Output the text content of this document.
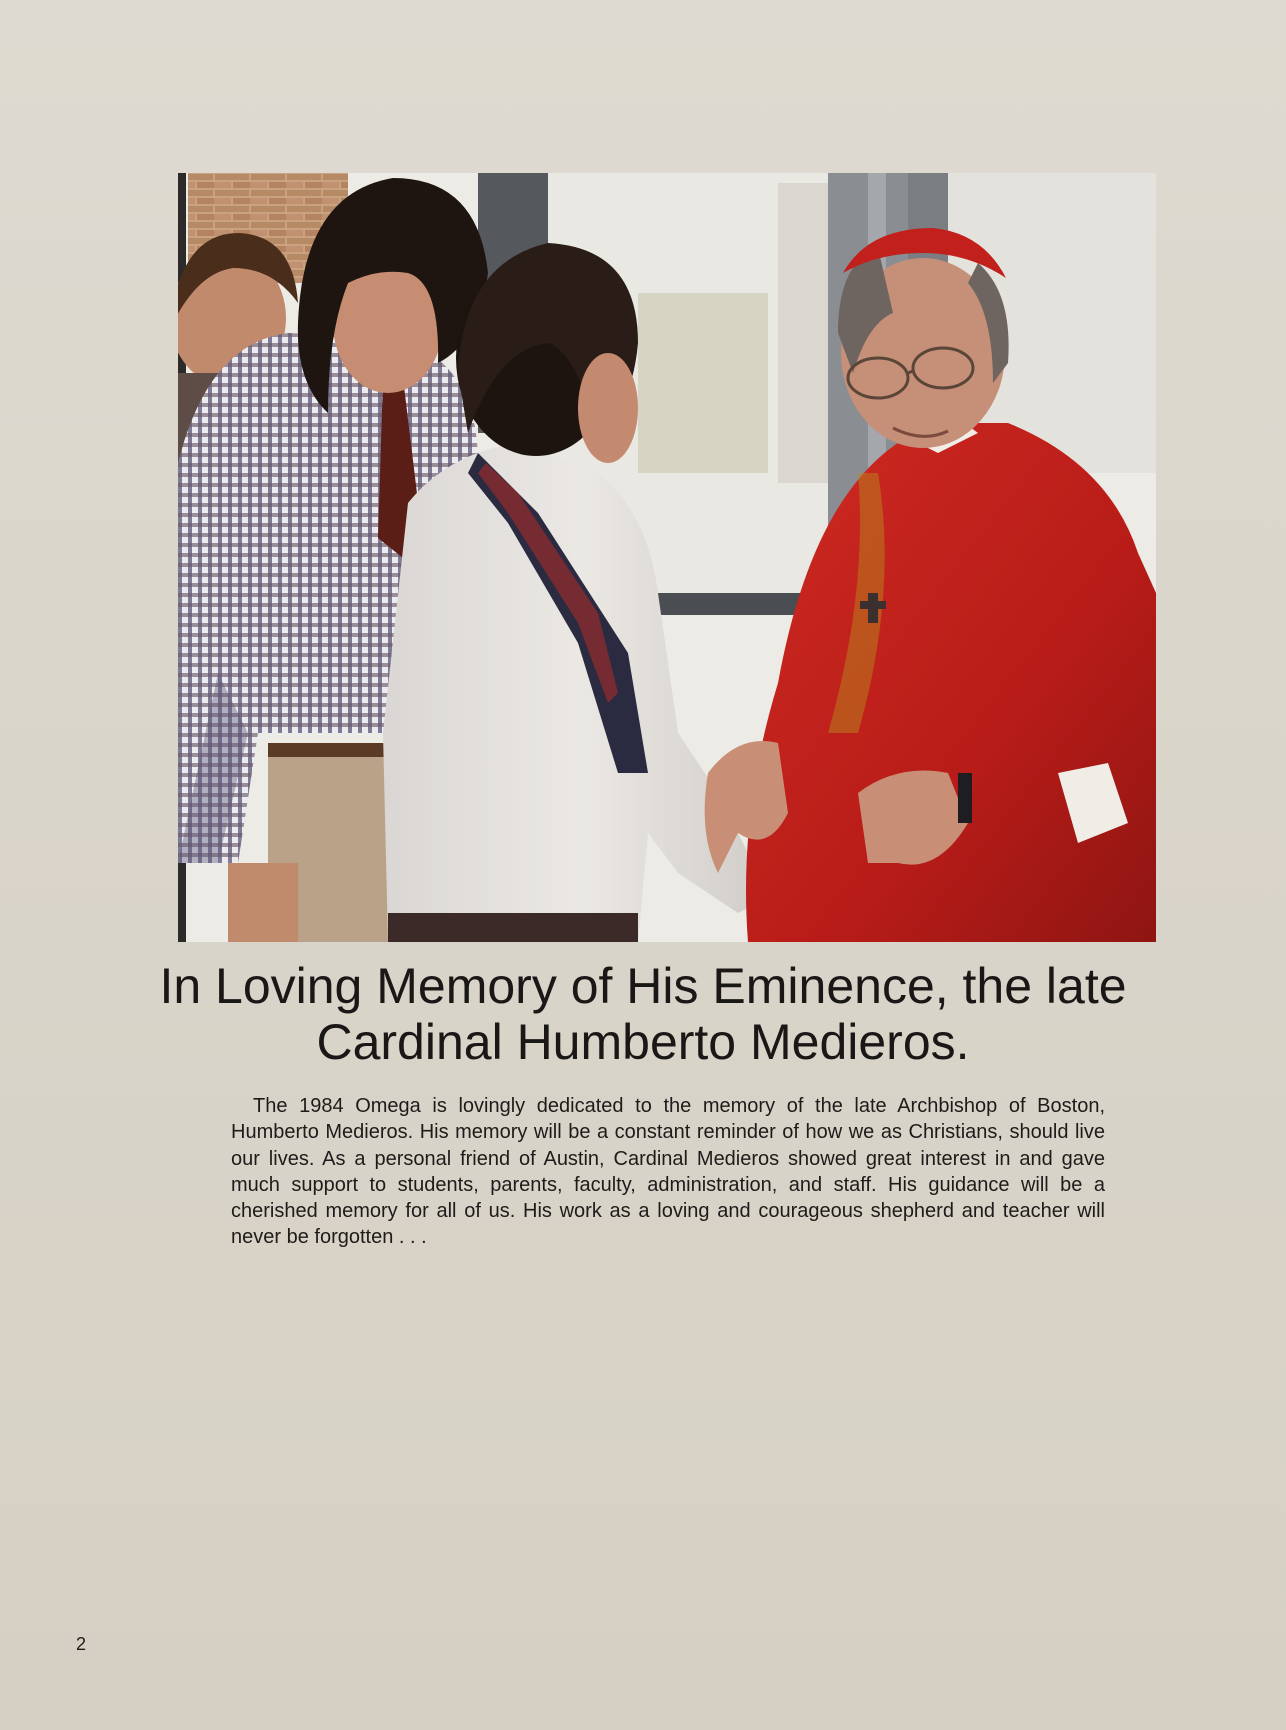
In Loving Memory of His Eminence, the late
Cardinal Humberto Medieros.

The 1984 Omega is lovingly dedicated to the memory of the late Archbishop of Boston, Humberto Medieros. His memory will be a constant reminder of how we as Christians, should live our lives. As a personal friend of Austin, Cardinal Medieros showed great interest in and gave much support to students, parents, faculty, administration, and staff. His guidance will be a cherished memory for all of us. His work as a loving and courageous shepherd and teacher will never be forgotten . . .

2
